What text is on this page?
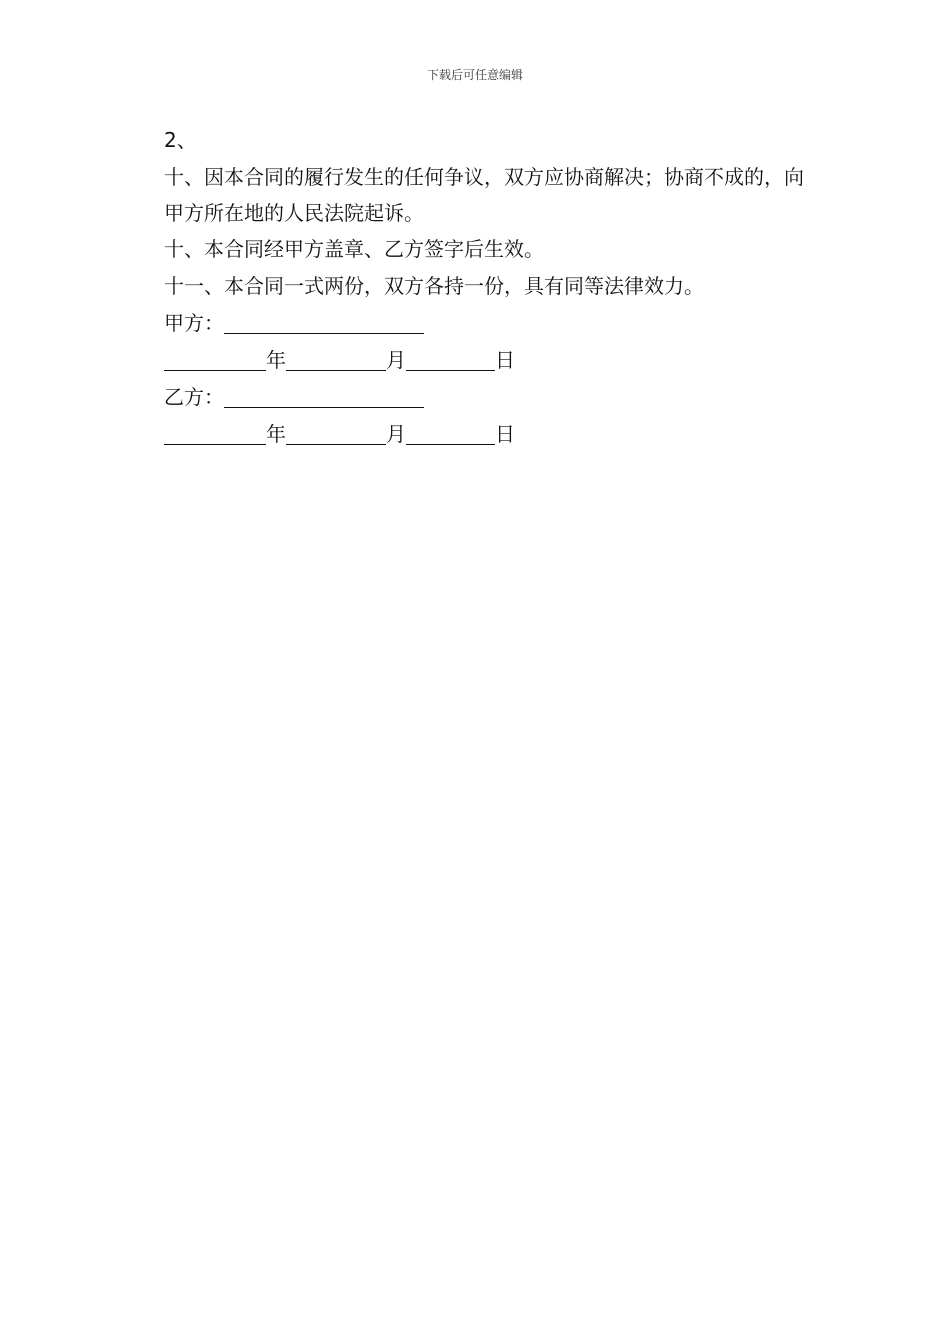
下载后可任意编辑
2、
十、因本合同的履行发生的任何争议，双方应协商解决；协商不成的，向甲方所在地的人民法院起诉。
十、本合同经甲方盖章、乙方签字后生效。
十一、本合同一式两份，双方各持一份，具有同等法律效力。
甲方：
年	月	日
乙方：
年	月	日
